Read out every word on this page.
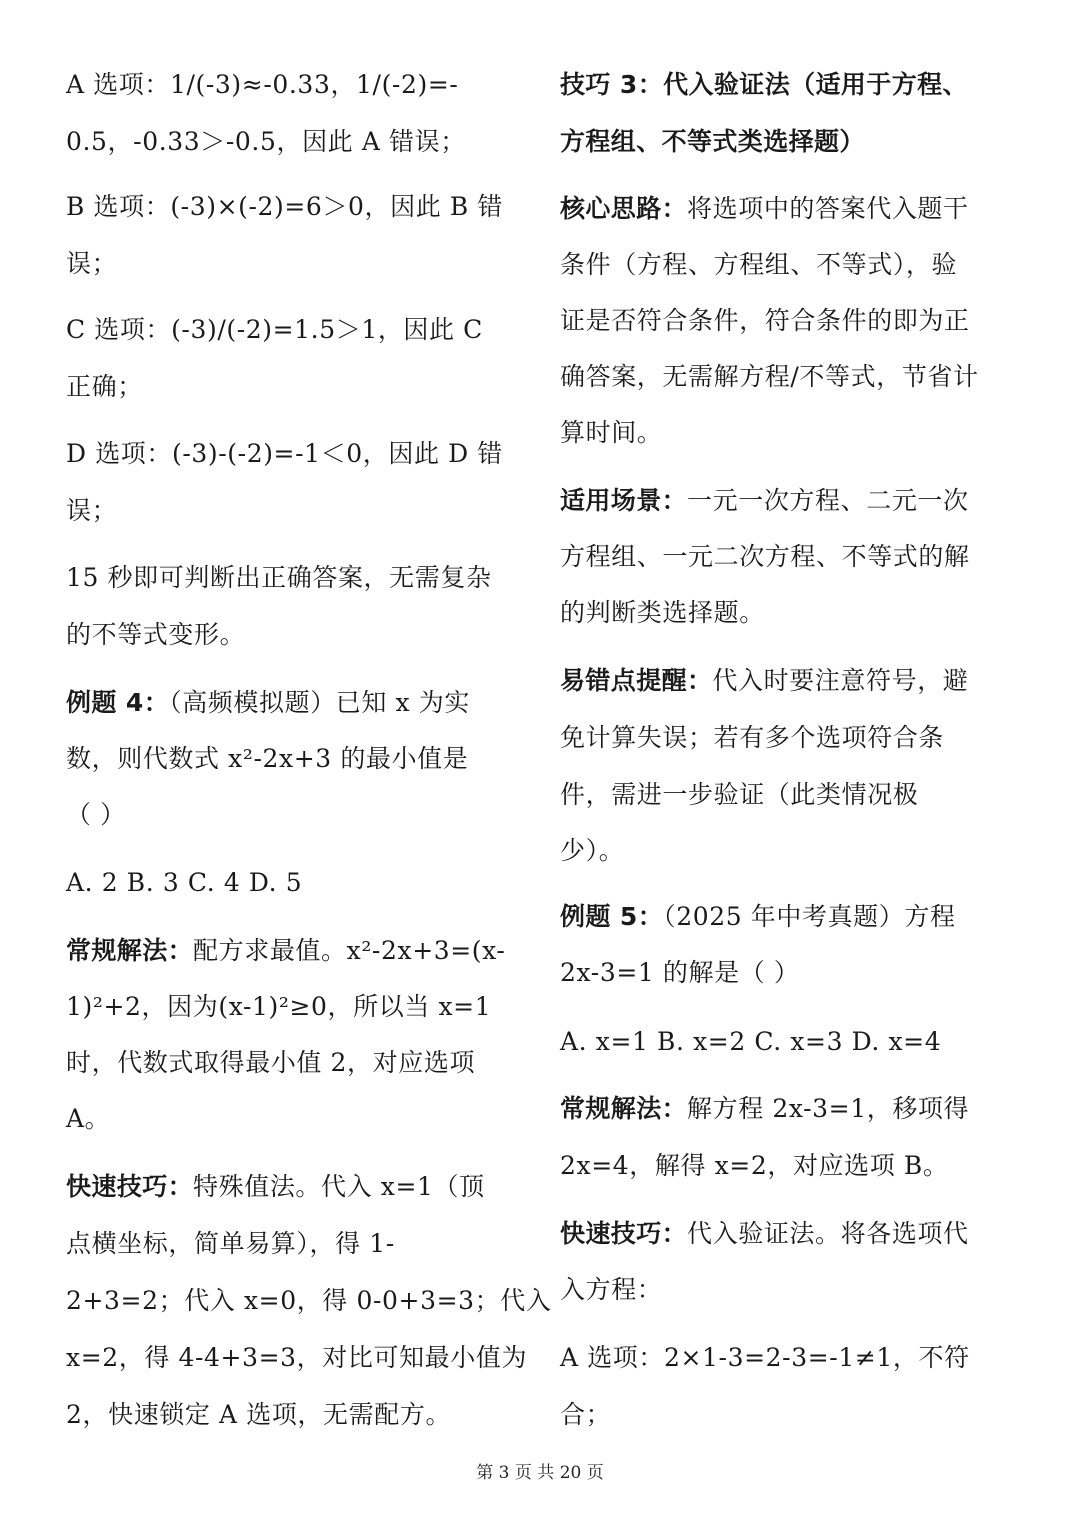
A 选项：1/(-3)≈-0.33，1/(-2)=-
0.5，-0.33＞-0.5，因此 A 错误；
B 选项：(-3)×(-2)=6＞0，因此 B 错
误；
C 选项：(-3)/(-2)=1.5＞1，因此 C
正确；
D 选项：(-3)-(-2)=-1＜0，因此 D 错
误；
15 秒即可判断出正确答案，无需复杂
的不等式变形。
例题 4：（高频模拟题）已知 x 为实
数，则代数式 x²-2x+3 的最小值是
（ ）
A. 2 B. 3 C. 4 D. 5
常规解法：配方求最值。x²-2x+3=(x-
1)²+2，因为(x-1)²≥0，所以当 x=1
时，代数式取得最小值 2，对应选项
A。
快速技巧：特殊值法。代入 x=1（顶
点横坐标，简单易算），得 1-
2+3=2；代入 x=0，得 0-0+3=3；代入
x=2，得 4-4+3=3，对比可知最小值为
2，快速锁定 A 选项，无需配方。
技巧 3：代入验证法（适用于方程、
方程组、不等式类选择题）
核心思路：将选项中的答案代入题干
条件（方程、方程组、不等式），验
证是否符合条件，符合条件的即为正
确答案，无需解方程/不等式，节省计
算时间。
适用场景：一元一次方程、二元一次
方程组、一元二次方程、不等式的解
的判断类选择题。
易错点提醒：代入时要注意符号，避
免计算失误；若有多个选项符合条
件，需进一步验证（此类情况极
少）。
例题 5：（2025 年中考真题）方程
2x-3=1 的解是（ ）
A. x=1 B. x=2 C. x=3 D. x=4
常规解法：解方程 2x-3=1，移项得
2x=4，解得 x=2，对应选项 B。
快速技巧：代入验证法。将各选项代
入方程：
A 选项：2×1-3=2-3=-1≠1，不符
合；
第 3 页 共 20 页
